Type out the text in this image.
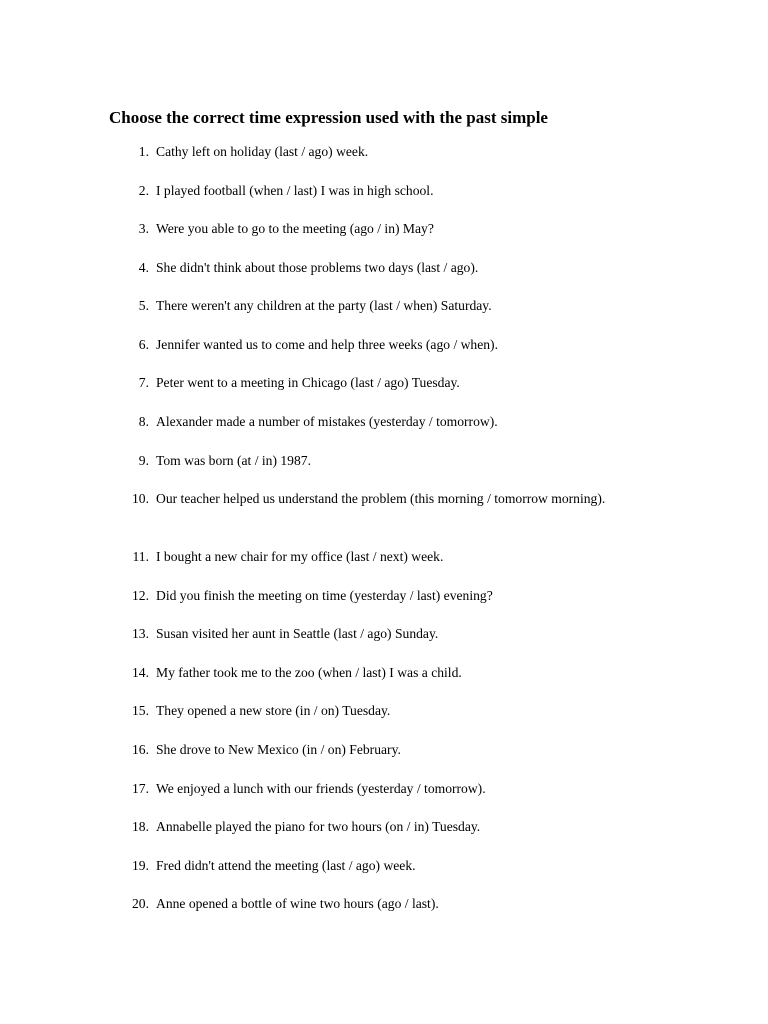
Choose the correct time expression used with the past simple
1. Cathy left on holiday (last / ago) week.
2. I played football (when / last) I was in high school.
3. Were you able to go to the meeting (ago / in) May?
4. She didn't think about those problems two days (last / ago).
5. There weren't any children at the party (last / when) Saturday.
6. Jennifer wanted us to come and help three weeks (ago / when).
7. Peter went to a meeting in Chicago (last / ago) Tuesday.
8. Alexander made a number of mistakes (yesterday / tomorrow).
9. Tom was born (at / in) 1987.
10. Our teacher helped us understand the problem (this morning / tomorrow morning).
11. I bought a new chair for my office (last / next) week.
12. Did you finish the meeting on time (yesterday / last) evening?
13. Susan visited her aunt in Seattle (last / ago) Sunday.
14. My father took me to the zoo (when / last) I was a child.
15. They opened a new store (in / on) Tuesday.
16. She drove to New Mexico (in / on) February.
17. We enjoyed a lunch with our friends (yesterday / tomorrow).
18. Annabelle played the piano for two hours (on / in) Tuesday.
19. Fred didn't attend the meeting (last / ago) week.
20. Anne opened a bottle of wine two hours (ago / last).
